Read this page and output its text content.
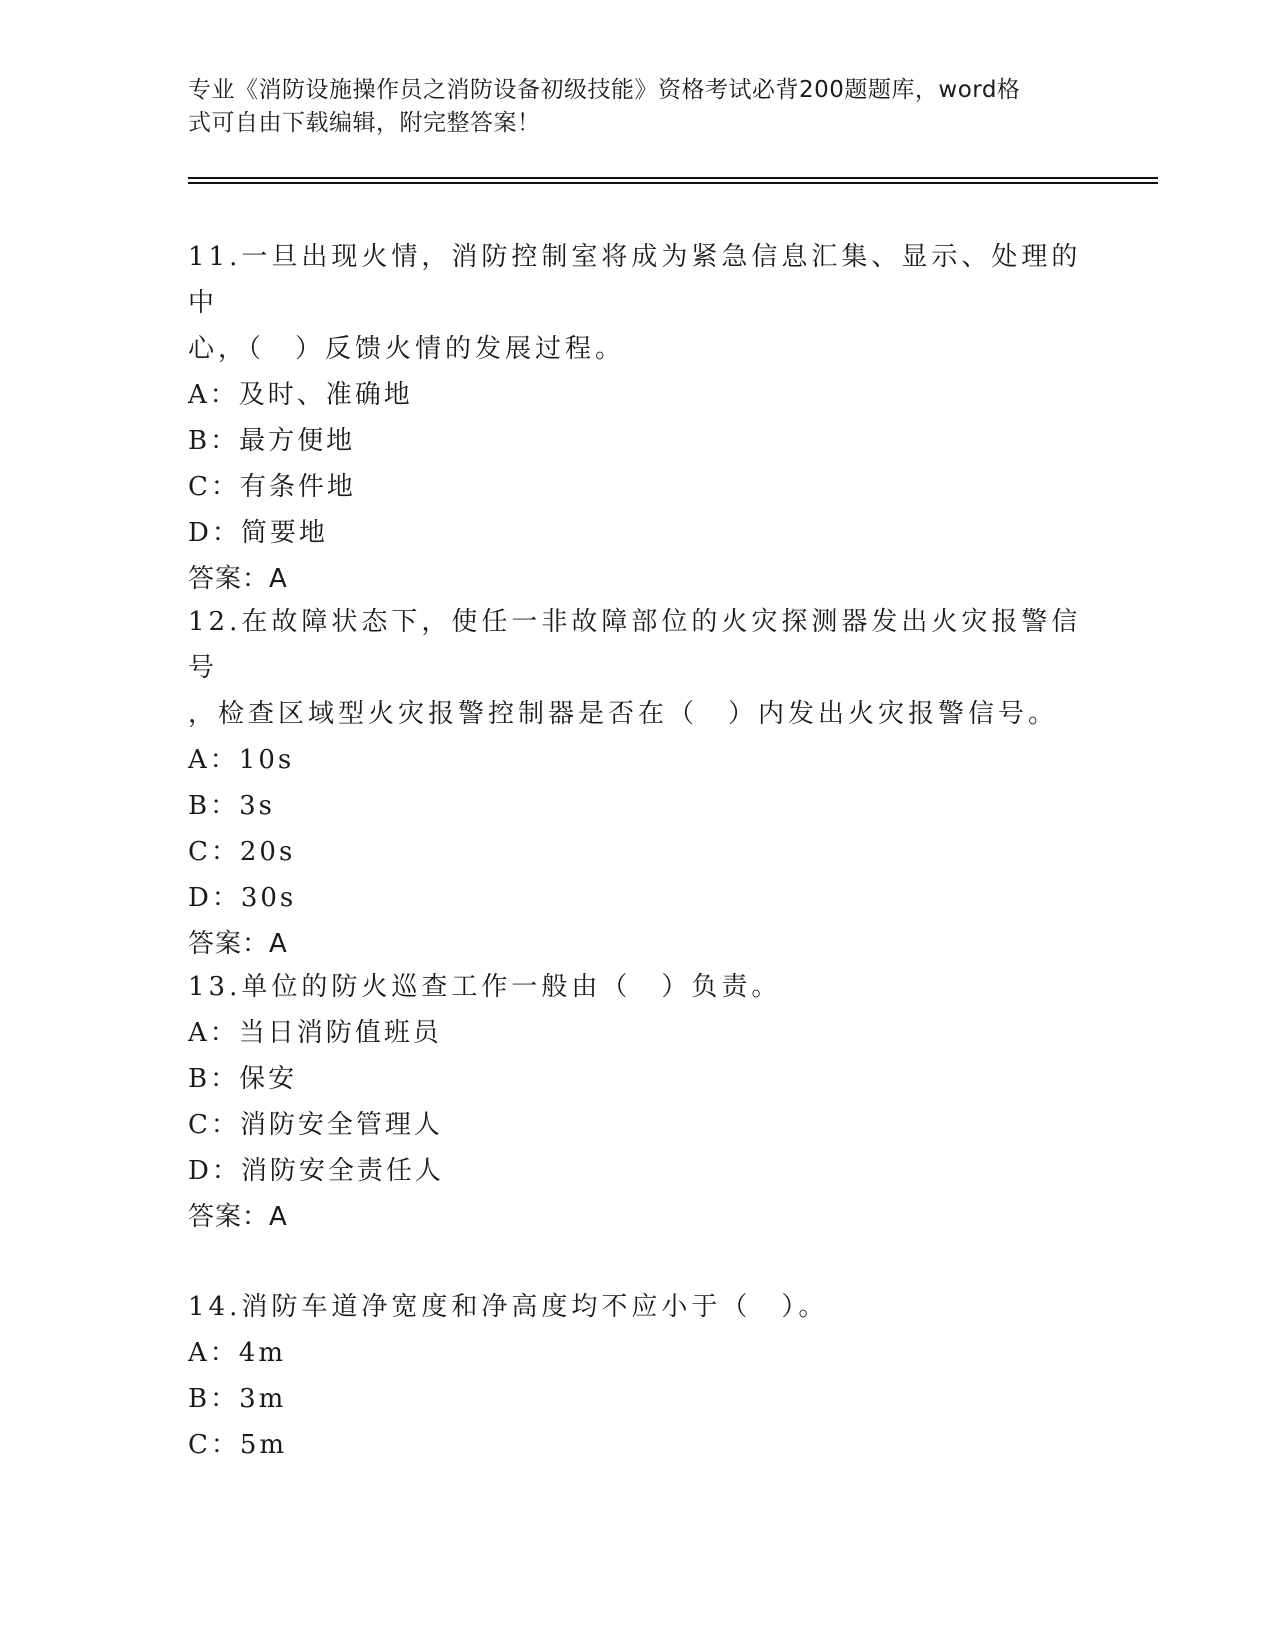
专业《消防设施操作员之消防设备初级技能》资格考试必背200题题库，word格
式可自由下载编辑，附完整答案！
11.一旦出现火情，消防控制室将成为紧急信息汇集、显示、处理的中
心，（　）反馈火情的发展过程。
A：及时、准确地
B：最方便地
C：有条件地
D：简要地
答案：A
12.在故障状态下，使任一非故障部位的火灾探测器发出火灾报警信号
，检查区域型火灾报警控制器是否在（　）内发出火灾报警信号。
A：10s
B：3s
C：20s
D：30s
答案：A
13.单位的防火巡查工作一般由（　）负责。
A：当日消防值班员
B：保安
C：消防安全管理人
D：消防安全责任人
答案：A
14.消防车道净宽度和净高度均不应小于（　）。
A：4m
B：3m
C：5m
